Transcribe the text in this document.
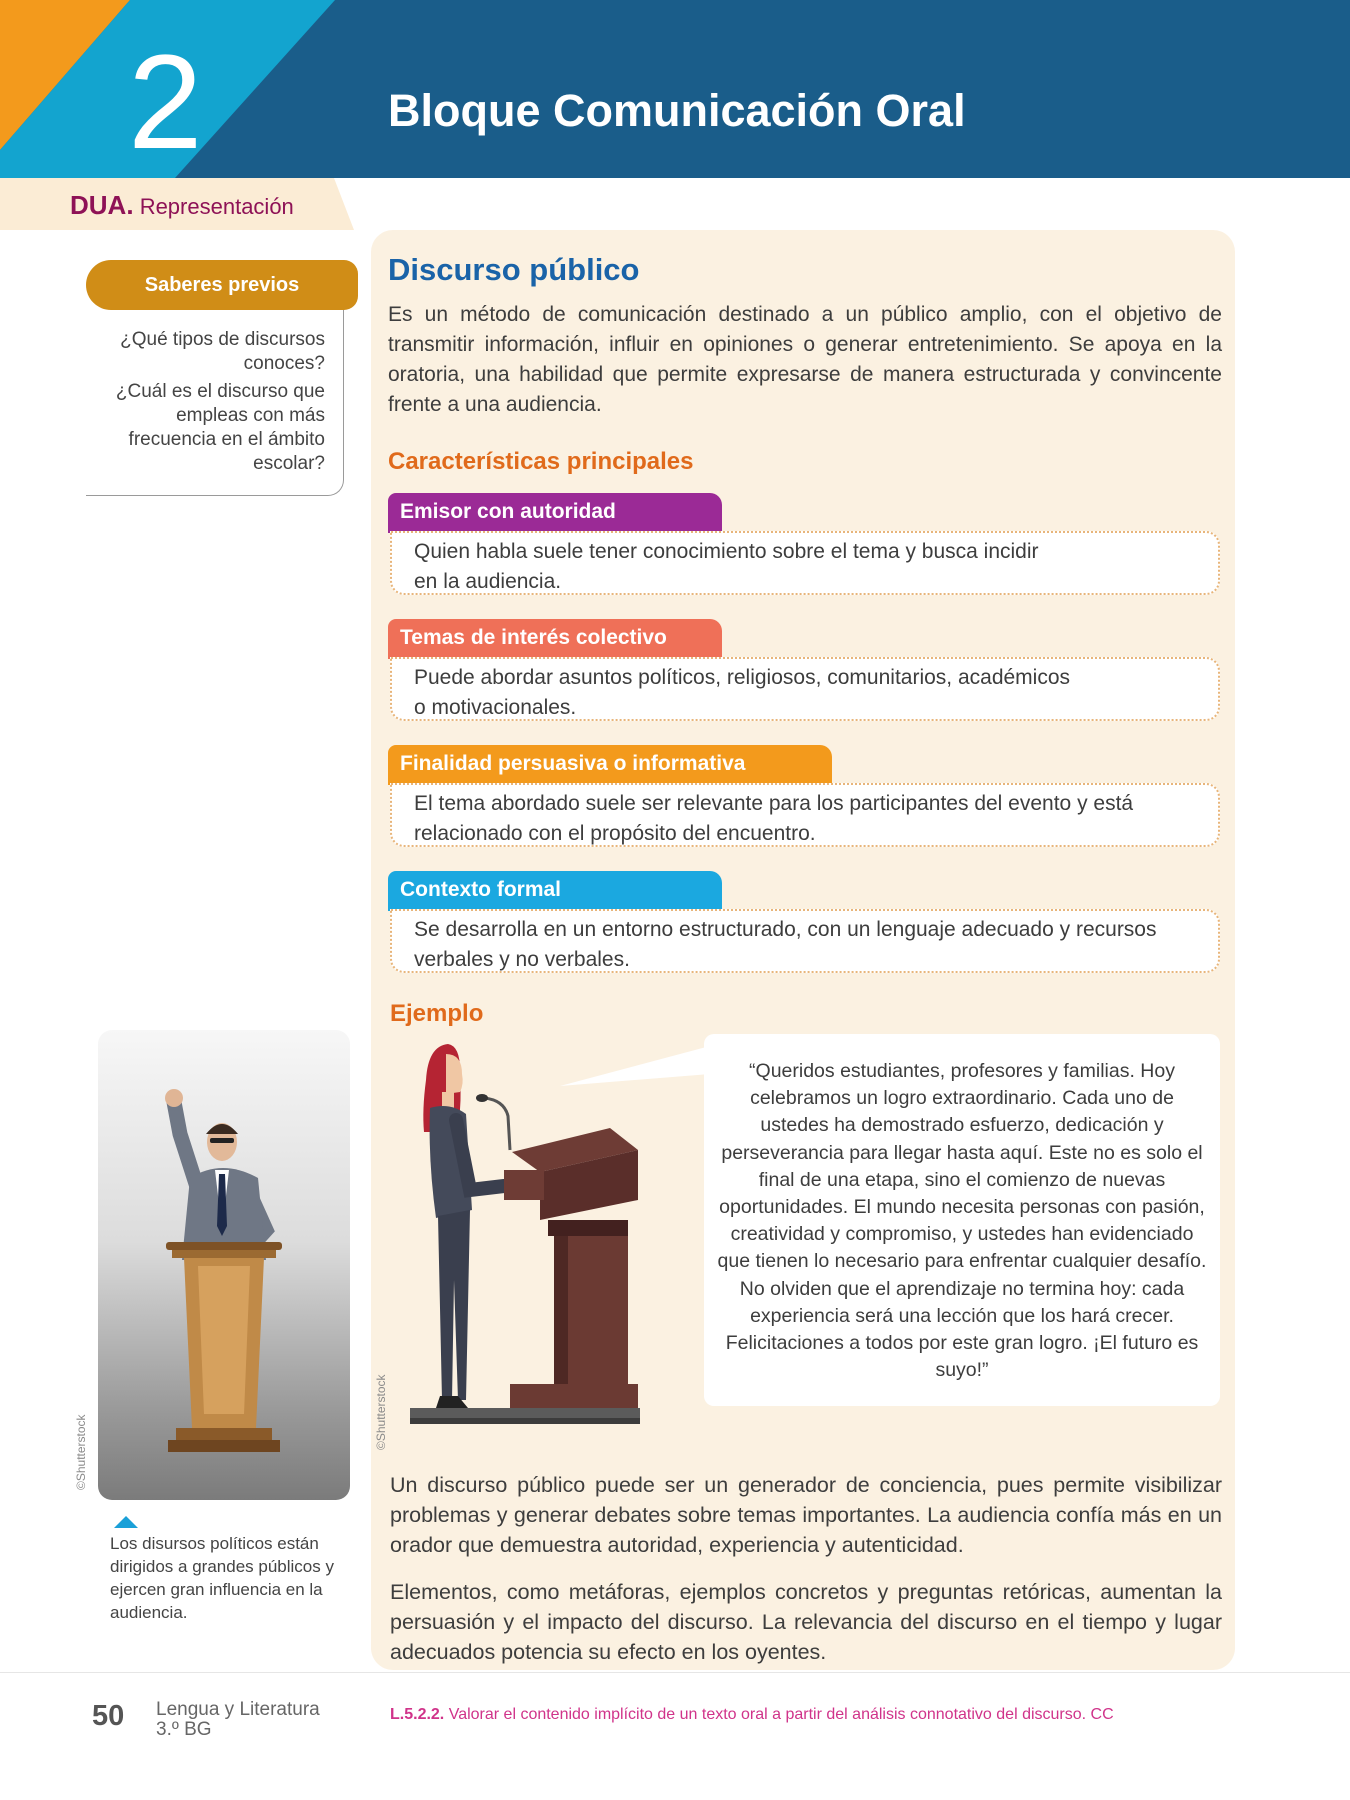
2	Bloque Comunicación Oral
DUA. Representación
Saberes previos

¿Qué tipos de discursos conoces?

¿Cuál es el discurso que empleas con más frecuencia en el ámbito escolar?

©Shutterstock
Los disursos políticos están dirigidos a grandes públicos y ejercen gran influencia en la audiencia.
Discurso público
Es un método de comunicación destinado a un público amplio, con el objetivo de transmitir información, influir en opiniones o generar entretenimiento. Se apoya en la oratoria, una habilidad que permite expresarse de manera estructurada y convincente frente a una audiencia.
Características principales
Emisor con autoridad
Quien habla suele tener conocimiento sobre el tema y busca incidir
en la audiencia.
Temas de interés colectivo
Puede abordar asuntos políticos, religiosos, comunitarios, académicos
o motivacionales.
Finalidad persuasiva o informativa
El tema abordado suele ser relevante para los participantes del evento y está
relacionado con el propósito del encuentro.
Contexto formal
Se desarrolla en un entorno estructurado, con un lenguaje adecuado y recursos
verbales y no verbales.
Ejemplo
©Shutterstock
“Queridos estudiantes, profesores y familias. Hoy celebramos un logro extraordinario. Cada uno de ustedes ha demostrado esfuerzo, dedicación y perseverancia para llegar hasta aquí. Este no es solo el final de una etapa, sino el comienzo de nuevas oportunidades. El mundo necesita personas con pasión, creatividad y compromiso, y ustedes han evidenciado que tienen lo necesario para enfrentar cualquier desafío. No olviden que el aprendizaje no termina hoy: cada experiencia será una lección que los hará crecer. Felicitaciones a todos por este gran logro. ¡El futuro es suyo!”
Un discurso público puede ser un generador de conciencia, pues permite visibilizar problemas y generar debates sobre temas importantes. La audiencia confía más en un orador que demuestra autoridad, experiencia y autenticidad.
Elementos, como metáforas, ejemplos concretos y preguntas retóricas, aumentan la persuasión y el impacto del discurso. La relevancia del discurso en el tiempo y lugar adecuados potencia su efecto en los oyentes.
50 Lengua y Literatura
3.º BG
L.5.2.2. Valorar el contenido implícito de un texto oral a partir del análisis connotativo del discurso. CC
